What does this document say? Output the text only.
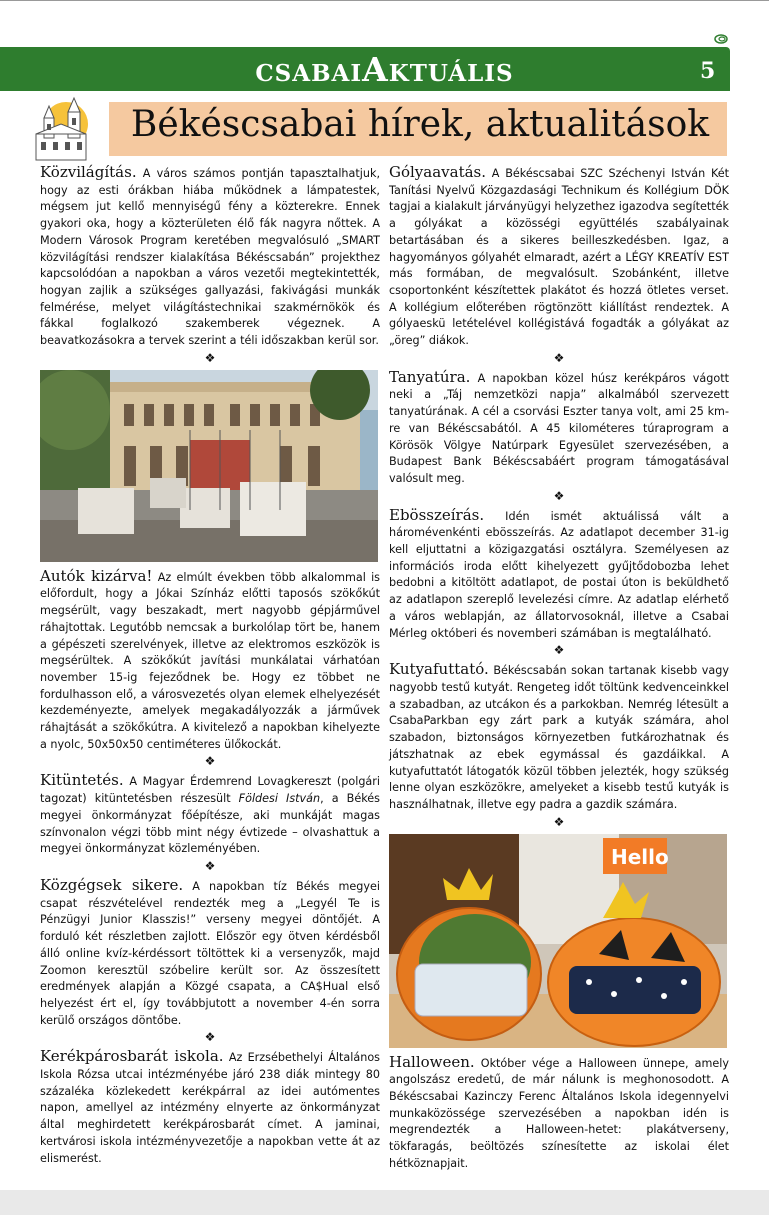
CSABAIAKTUÁLIS	5
Békéscsabai hírek, aktualitások

Közvilágítás. A város számos pontján tapasztalhatjuk, hogy az esti órákban hiába működnek a lámpatestek, mégsem jut kellő mennyiségű fény a közterekre. Ennek gyakori oka, hogy a közterületen élő fák nagyra nőttek. A Modern Városok Program keretében megvalósuló „SMART közvilágítási rendszer kialakítása Békéscsabán” projekthez kapcsolódóan a napokban a város vezetői megtekintették, hogyan zajlik a szükséges gallyazási, fakivágási munkák felmérése, melyet világítástechnikai szakmérnökök és fákkal foglalkozó szakemberek végeznek. A beavatkozásokra a tervek szerint a téli időszakban kerül sor.

❖

Autók kizárva! Az elmúlt években több alkalommal is előfordult, hogy a Jókai Színház előtti taposós szökőkút megsérült, vagy beszakadt, mert nagyobb gépjárművel ráhajtottak. Legutóbb nemcsak a burkolólap tört be, hanem a gépészeti szerelvények, illetve az elektromos eszközök is megsérültek. A szökőkút javítási munkálatai várhatóan november 15-ig fejeződnek be. Hogy ez többet ne fordulhasson elő, a városvezetés olyan elemek elhelyezését kezdeményezte, amelyek megakadályozzák a járművek ráhajtását a szökőkútra. A kivitelező a napokban kihelyezte a nyolc, 50x50x50 centiméteres ülőkockát.

❖

Kitüntetés. A Magyar Érdemrend Lovagkereszt (polgári tagozat) kitüntetésben részesült Földesi István, a Békés megyei önkormányzat főépítésze, aki munkáját magas színvonalon végzi több mint négy évtizede – olvashattuk a megyei önkormányzat közleményében.

❖

Közgégsek sikere. A napokban tíz Békés megyei csapat részvételével rendezték meg a „Legyél Te is Pénzügyi Junior Klasszis!” verseny megyei döntőjét. A forduló két részletben zajlott. Először egy ötven kérdésből álló online kvíz-kérdéssort töltöttek ki a versenyzők, majd Zoomon keresztül szóbelire került sor. Az összesített eredmények alapján a Közgé csapata, a CA$Hual első helyezést ért el, így továbbjutott a november 4-én sorra kerülő országos döntőbe.

❖

Kerékpárosbarát iskola. Az Erzsébethelyi Általános Iskola Rózsa utcai intézményébe járó 238 diák mintegy 80 százaléka közlekedett kerékpárral az idei autómentes napon, amellyel az intézmény elnyerte az önkormányzat által meghirdetett kerékpárosbarát címet. A jaminai, kertvárosi iskola intézményvezetője a napokban vette át az elismerést.

Gólyaavatás. A Békéscsabai SZC Széchenyi István Két Tanítási Nyelvű Közgazdasági Technikum és Kollégium DÖK tagjai a kialakult járványügyi helyzethez igazodva segítették a gólyákat a közösségi együttélés szabályainak betartásában és a sikeres beilleszkedésben. Igaz, a hagyományos gólyahét elmaradt, azért a LÉGY KREATÍV EST más formában, de megvalósult. Szobánként, illetve csoportonként készítettek plakátot és hozzá ötletes verset. A kollégium előterében rögtönzött kiállítást rendeztek. A gólyaeskü letételével kollégistává fogadták a gólyákat az „öreg” diákok.

❖

Tanyatúra. A napokban közel húsz kerékpáros vágott neki a „Táj nemzetközi napja” alkalmából szervezett tanyatúrának. A cél a csorvási Eszter tanya volt, ami 25 km-re van Békéscsabától. A 45 kilométeres túraprogram a Körösök Völgye Natúrpark Egyesület szervezésében, a Budapest Bank Békéscsabáért program támogatásával valósult meg.

❖

Ebösszeírás. Idén ismét aktuálissá vált a háromévenkénti ebösszeírás. Az adatlapot december 31-ig kell eljuttatni a közigazgatási osztályra. Személyesen az információs iroda előtt kihelyezett gyűjtődobozba lehet bedobni a kitöltött adatlapot, de postai úton is beküldhető az adatlapon szereplő levelezési címre. Az adatlap elérhető a város weblapján, az állatorvosoknál, illetve a Csabai Mérleg októberi és novemberi számában is megtalálható.

❖

Kutyafuttató. Békéscsabán sokan tartanak kisebb vagy nagyobb testű kutyát. Rengeteg időt töltünk kedvenceinkkel a szabadban, az utcákon és a parkokban. Nemrég létesült a CsabaParkban egy zárt park a kutyák számára, ahol szabadon, biztonságos környezetben futkározhatnak és játszhatnak az ebek egymással és gazdáikkal. A kutyafuttatót látogatók közül többen jelezték, hogy szükség lenne olyan eszközökre, amelyeket a kisebb testű kutyák is használhatnak, illetve egy padra a gazdik számára.

❖
Hello

Halloween. Október vége a Halloween ünnepe, amely angolszász eredetű, de már nálunk is meghonosodott. A Békéscsabai Kazinczy Ferenc Általános Iskola idegennyelvi munkaközössége szervezésében a napokban idén is megrendezték a Halloween-hetet: plakátverseny, tökfaragás, beöltözés színesítette az iskolai élet hétköznapjait.
